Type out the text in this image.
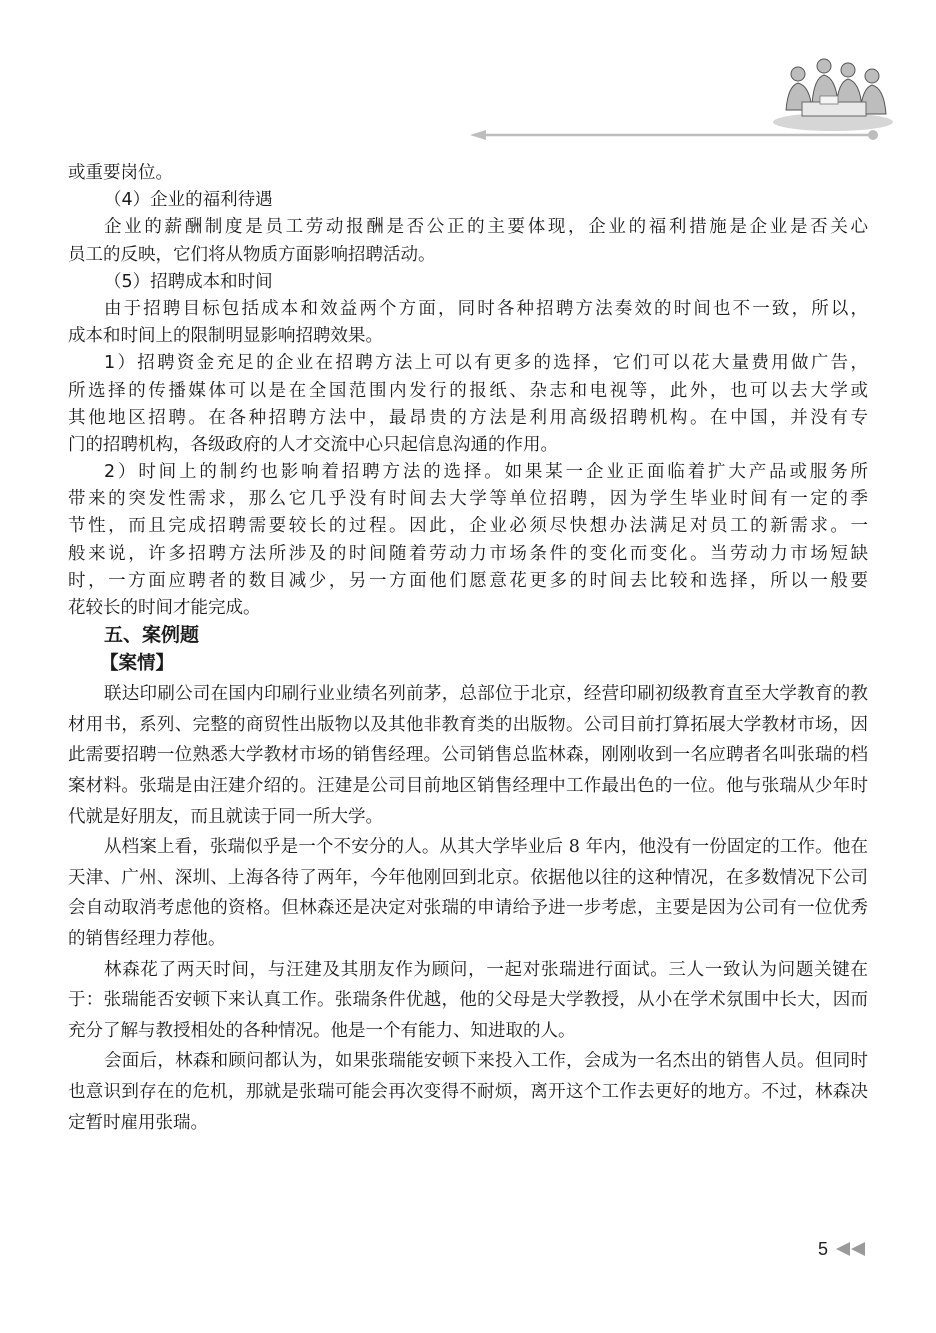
或重要岗位。
（4）企业的福利待遇
企业的薪酬制度是员工劳动报酬是否公正的主要体现，企业的福利措施是企业是否关心
员工的反映，它们将从物质方面影响招聘活动。
（5）招聘成本和时间
由于招聘目标包括成本和效益两个方面，同时各种招聘方法奏效的时间也不一致，所以，
成本和时间上的限制明显影响招聘效果。
1）招聘资金充足的企业在招聘方法上可以有更多的选择，它们可以花大量费用做广告，
所选择的传播媒体可以是在全国范围内发行的报纸、杂志和电视等，此外，也可以去大学或
其他地区招聘。在各种招聘方法中，最昂贵的方法是利用高级招聘机构。在中国，并没有专
门的招聘机构，各级政府的人才交流中心只起信息沟通的作用。
2）时间上的制约也影响着招聘方法的选择。如果某一企业正面临着扩大产品或服务所
带来的突发性需求，那么它几乎没有时间去大学等单位招聘，因为学生毕业时间有一定的季
节性，而且完成招聘需要较长的过程。因此，企业必须尽快想办法满足对员工的新需求。一
般来说，许多招聘方法所涉及的时间随着劳动力市场条件的变化而变化。当劳动力市场短缺
时，一方面应聘者的数目减少，另一方面他们愿意花更多的时间去比较和选择，所以一般要
花较长的时间才能完成。
五、案例题
【案情】

联达印刷公司在国内印刷行业业绩名列前茅，总部位于北京，经营印刷初级教育直至大学教育的教材用书，系列、完整的商贸性出版物以及其他非教育类的出版物。公司目前打算拓展大学教材市场，因此需要招聘一位熟悉大学教材市场的销售经理。公司销售总监林森，刚刚收到一名应聘者名叫张瑞的档案材料。张瑞是由汪建介绍的。汪建是公司目前地区销售经理中工作最出色的一位。他与张瑞从少年时代就是好朋友，而且就读于同一所大学。

从档案上看，张瑞似乎是一个不安分的人。从其大学毕业后 8 年内，他没有一份固定的工作。他在天津、广州、深圳、上海各待了两年，今年他刚回到北京。依据他以往的这种情况，在多数情况下公司会自动取消考虑他的资格。但林森还是决定对张瑞的申请给予进一步考虑，主要是因为公司有一位优秀的销售经理力荐他。

林森花了两天时间，与汪建及其朋友作为顾问，一起对张瑞进行面试。三人一致认为问题关键在于：张瑞能否安顿下来认真工作。张瑞条件优越，他的父母是大学教授，从小在学术氛围中长大，因而充分了解与教授相处的各种情况。他是一个有能力、知进取的人。

会面后，林森和顾问都认为，如果张瑞能安顿下来投入工作，会成为一名杰出的销售人员。但同时也意识到存在的危机，那就是张瑞可能会再次变得不耐烦，离开这个工作去更好的地方。不过，林森决定暂时雇用张瑞。

5
